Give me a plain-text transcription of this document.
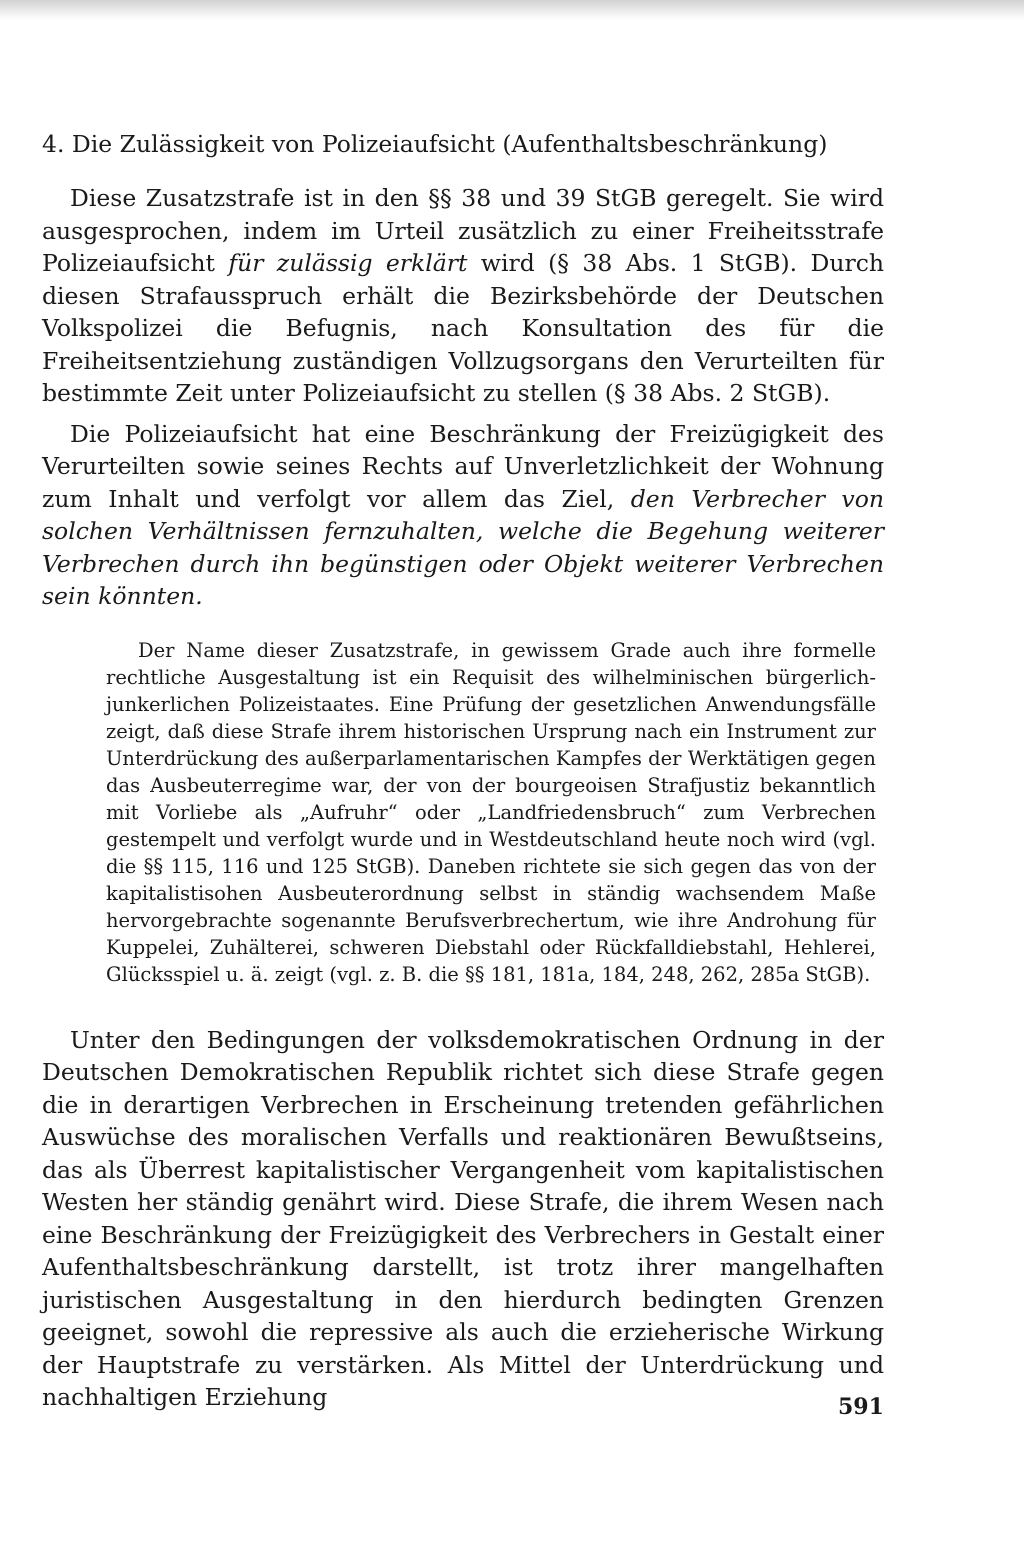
4. Die Zulässigkeit von Polizeiaufsicht (Aufenthaltsbeschränkung)

Diese Zusatzstrafe ist in den §§ 38 und 39 StGB geregelt. Sie wird ausgesprochen, indem im Urteil zusätzlich zu einer Freiheitsstrafe Polizeiaufsicht für zulässig erklärt wird (§ 38 Abs. 1 StGB). Durch diesen Strafausspruch erhält die Bezirksbehörde der Deutschen Volkspolizei die Befugnis, nach Konsultation des für die Freiheitsentziehung zuständigen Vollzugsorgans den Verurteilten für bestimmte Zeit unter Polizeiaufsicht zu stellen (§ 38 Abs. 2 StGB).

Die Polizeiaufsicht hat eine Beschränkung der Freizügigkeit des Verurteilten sowie seines Rechts auf Unverletzlichkeit der Wohnung zum Inhalt und verfolgt vor allem das Ziel, den Verbrecher von solchen Verhältnissen fernzuhalten, welche die Begehung weiterer Verbrechen durch ihn begünstigen oder Objekt weiterer Verbrechen sein könnten.

Der Name dieser Zusatzstrafe, in gewissem Grade auch ihre formelle rechtliche Ausgestaltung ist ein Requisit des wilhelminischen bürgerlich-junkerlichen Polizeistaates. Eine Prüfung der gesetzlichen Anwendungsfälle zeigt, daß diese Strafe ihrem historischen Ursprung nach ein Instrument zur Unterdrückung des außerparlamentarischen Kampfes der Werktätigen gegen das Ausbeuterregime war, der von der bourgeoisen Strafjustiz bekanntlich mit Vorliebe als „Aufruhr“ oder „Landfriedensbruch“ zum Verbrechen gestempelt und verfolgt wurde und in Westdeutschland heute noch wird (vgl. die §§ 115, 116 und 125 StGB). Daneben richtete sie sich gegen das von der kapitalistisohen Ausbeuterordnung selbst in ständig wachsendem Maße hervorgebrachte sogenannte Berufsverbrechertum, wie ihre Androhung für Kuppelei, Zuhälterei, schweren Diebstahl oder Rückfalldiebstahl, Hehlerei, Glücksspiel u. ä. zeigt (vgl. z. B. die §§ 181, 181a, 184, 248, 262, 285a StGB).

Unter den Bedingungen der volksdemokratischen Ordnung in der Deutschen Demokratischen Republik richtet sich diese Strafe gegen die in derartigen Verbrechen in Erscheinung tretenden gefährlichen Auswüchse des moralischen Verfalls und reaktionären Bewußtseins, das als Überrest kapitalistischer Vergangenheit vom kapitalistischen Westen her ständig genährt wird. Diese Strafe, die ihrem Wesen nach eine Beschränkung der Freizügigkeit des Verbrechers in Gestalt einer Aufenthaltsbeschränkung darstellt, ist trotz ihrer mangelhaften juristischen Ausgestaltung in den hierdurch bedingten Grenzen geeignet, sowohl die repressive als auch die erzieherische Wirkung der Hauptstrafe zu verstärken. Als Mittel der Unterdrückung und nachhaltigen Erziehung	591
